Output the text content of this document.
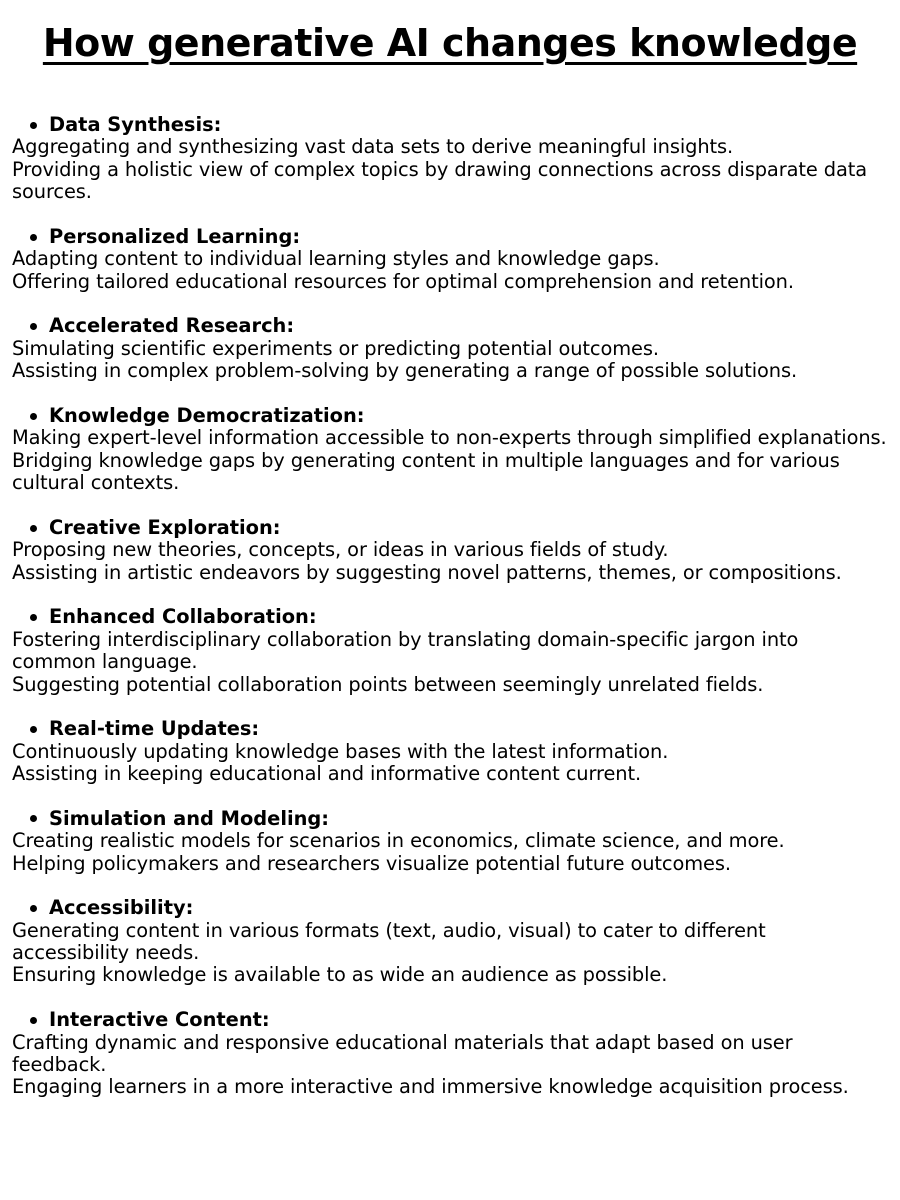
How generative AI changes knowledge
Data Synthesis:

Aggregating and synthesizing vast data sets to derive meaningful insights.

Providing a holistic view of complex topics by drawing connections across disparate data sources.

Personalized Learning:

Adapting content to individual learning styles and knowledge gaps.

Offering tailored educational resources for optimal comprehension and retention.

Accelerated Research:

Simulating scientific experiments or predicting potential outcomes.

Assisting in complex problem-solving by generating a range of possible solutions.

Knowledge Democratization:

Making expert-level information accessible to non-experts through simplified explanations.

Bridging knowledge gaps by generating content in multiple languages and for various cultural contexts.

Creative Exploration:

Proposing new theories, concepts, or ideas in various fields of study.

Assisting in artistic endeavors by suggesting novel patterns, themes, or compositions.

Enhanced Collaboration:

Fostering interdisciplinary collaboration by translating domain-specific jargon into common language.

Suggesting potential collaboration points between seemingly unrelated fields.

Real-time Updates:

Continuously updating knowledge bases with the latest information.

Assisting in keeping educational and informative content current.

Simulation and Modeling:

Creating realistic models for scenarios in economics, climate science, and more.

Helping policymakers and researchers visualize potential future outcomes.

Accessibility:

Generating content in various formats (text, audio, visual) to cater to different accessibility needs.

Ensuring knowledge is available to as wide an audience as possible.

Interactive Content:

Crafting dynamic and responsive educational materials that adapt based on user feedback.

Engaging learners in a more interactive and immersive knowledge acquisition process.
